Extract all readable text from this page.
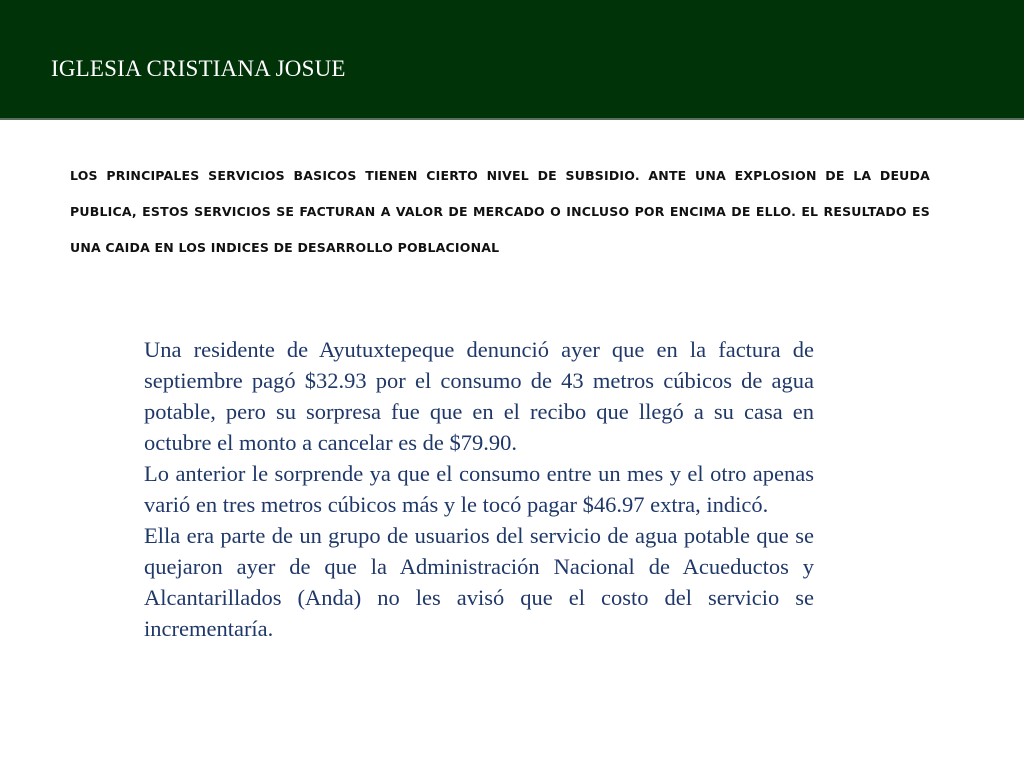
IGLESIA CRISTIANA JOSUE

LOS PRINCIPALES SERVICIOS BASICOS TIENEN CIERTO NIVEL DE SUBSIDIO. ANTE UNA EXPLOSION DE LA DEUDA PUBLICA, ESTOS SERVICIOS SE FACTURAN A VALOR DE MERCADO O INCLUSO POR ENCIMA DE ELLO. EL RESULTADO ES UNA CAIDA EN LOS INDICES DE DESARROLLO POBLACIONAL

Una residente de Ayutuxtepeque denunció ayer que en la factura de septiembre pagó $32.93 por el consumo de 43 metros cúbicos de agua potable, pero su sorpresa fue que en el recibo que llegó a su casa en octubre el monto a cancelar es de $79.90.

Lo anterior le sorprende ya que el consumo entre un mes y el otro apenas varió en tres metros cúbicos más y le tocó pagar $46.97 extra, indicó.

Ella era parte de un grupo de usuarios del servicio de agua potable que se quejaron ayer de que la Administración Nacional de Acueductos y Alcantarillados (Anda) no les avisó que el costo del servicio se incrementaría.
